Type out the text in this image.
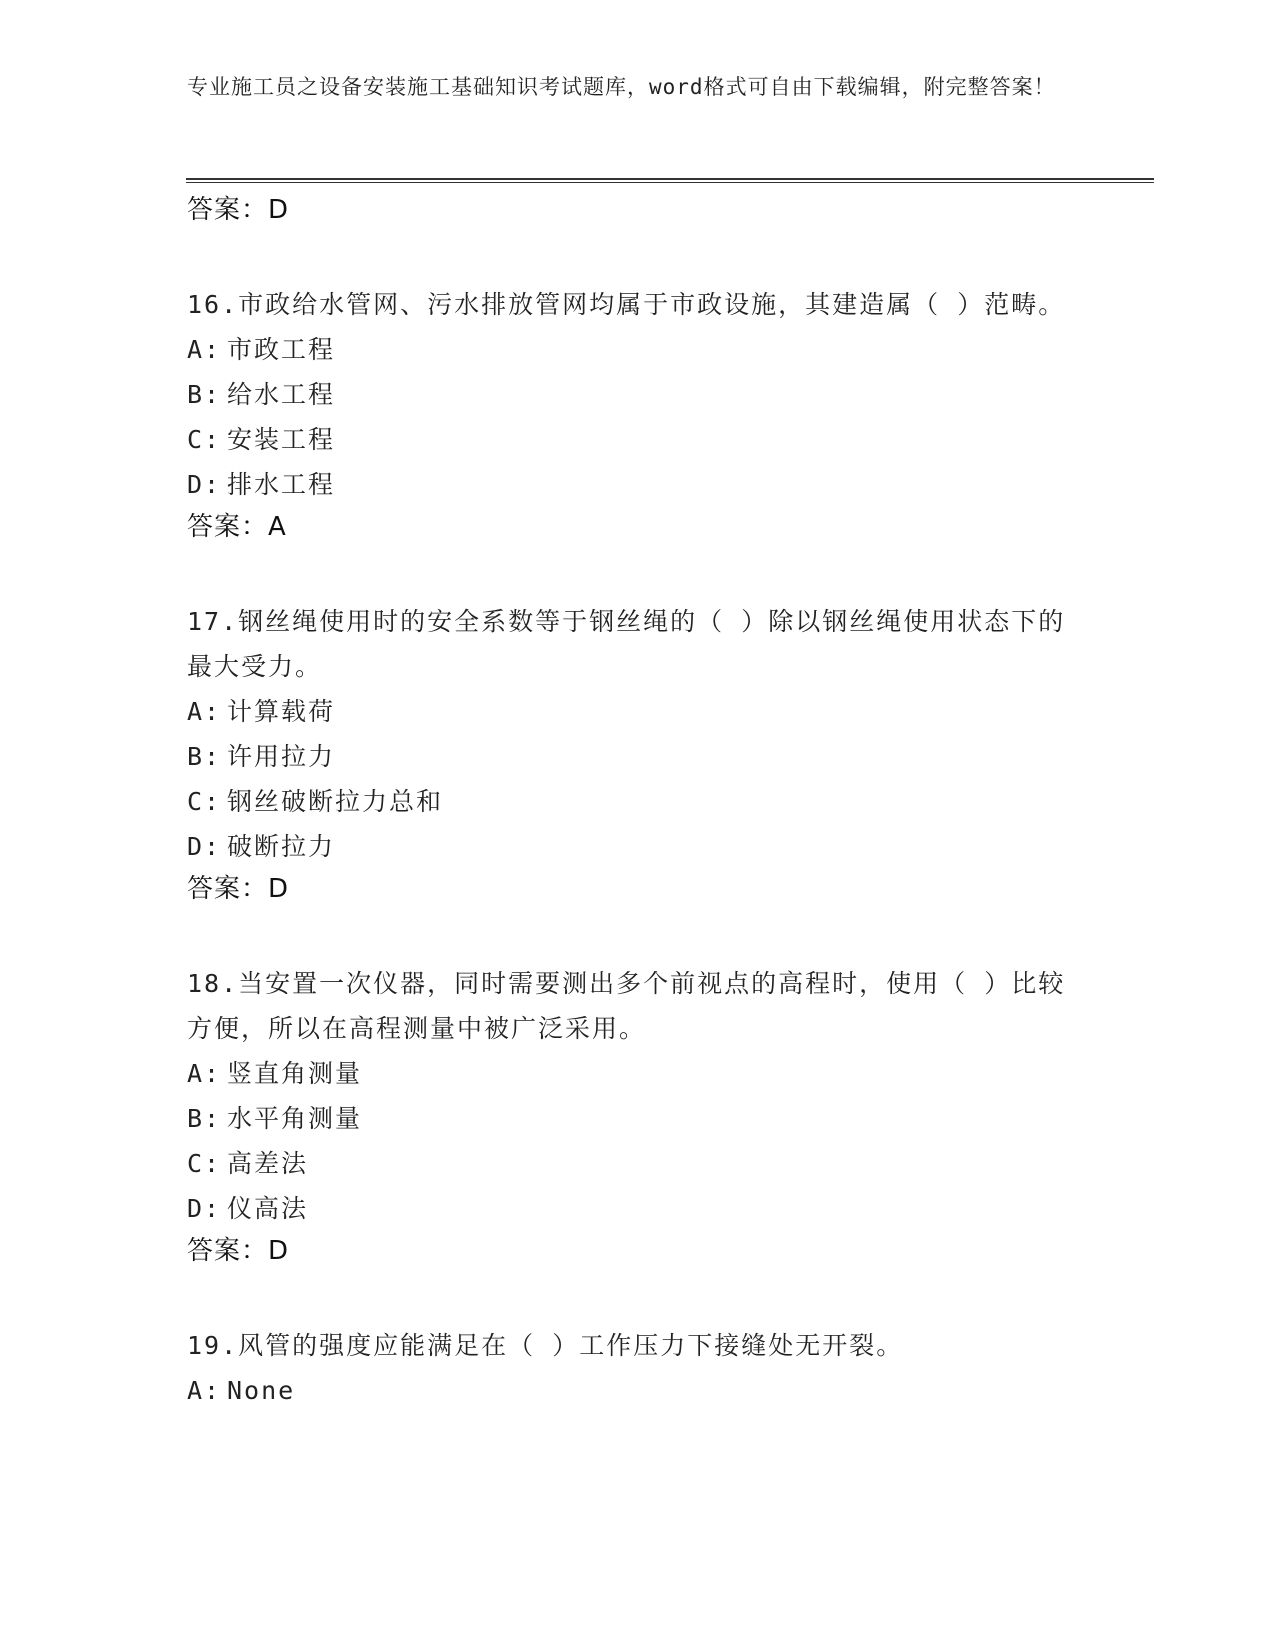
专业施工员之设备安装施工基础知识考试题库，word格式可自由下载编辑，附完整答案！
答案：D
16.市政给水管网、污水排放管网均属于市政设施，其建造属（ ）范畴。
A: 市政工程
B: 给水工程
C: 安装工程
D: 排水工程
答案：A
17.钢丝绳使用时的安全系数等于钢丝绳的（ ）除以钢丝绳使用状态下的最大受力。
A: 计算载荷
B: 许用拉力
C: 钢丝破断拉力总和
D: 破断拉力
答案：D
18.当安置一次仪器，同时需要测出多个前视点的高程时，使用（ ）比较方便，所以在高程测量中被广泛采用。
A: 竖直角测量
B: 水平角测量
C: 高差法
D: 仪高法
答案：D
19.风管的强度应能满足在（ ）工作压力下接缝处无开裂。
A: None
